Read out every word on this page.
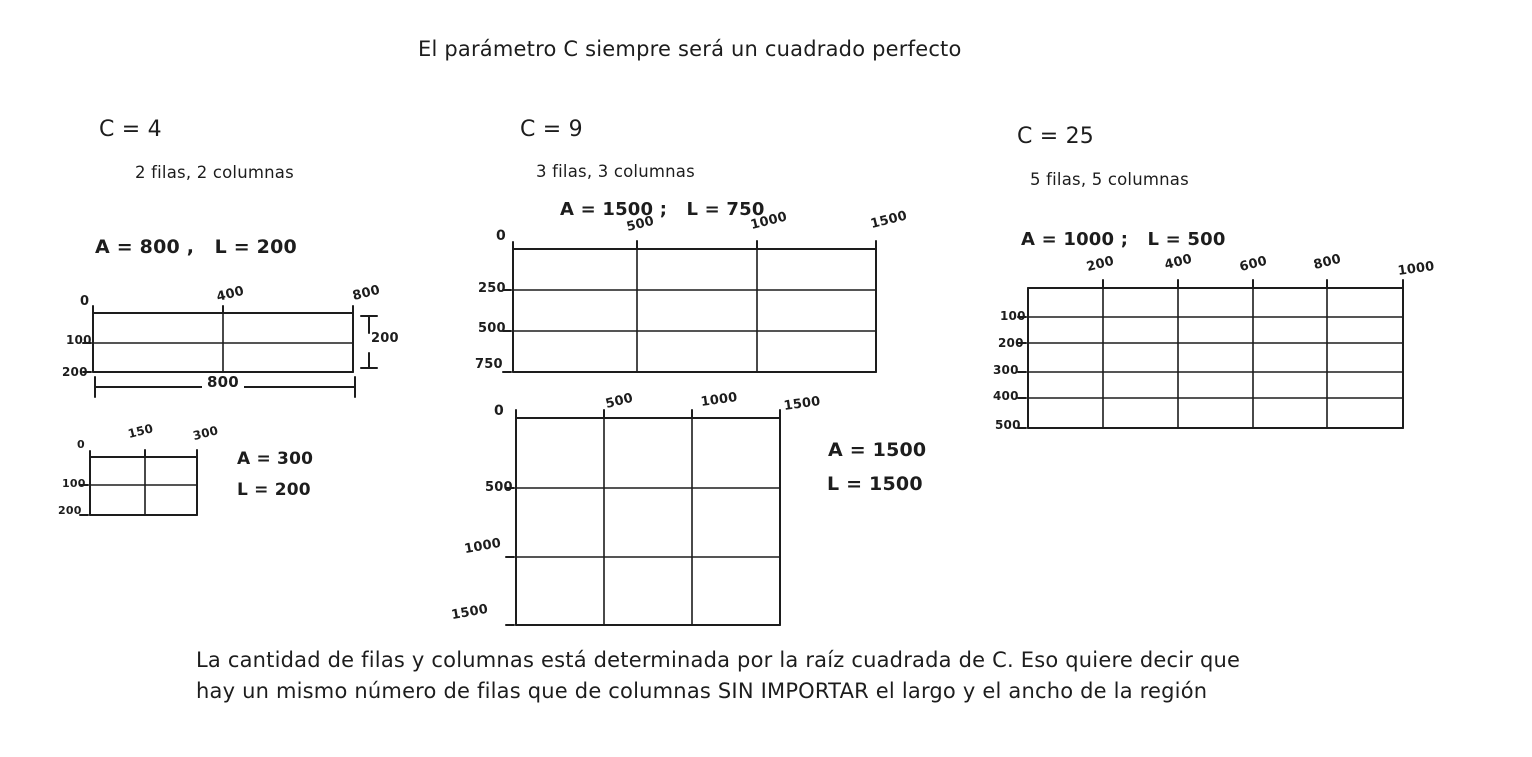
El parámetro C siempre será un cuadrado perfecto
C = 4
2 filas, 2 columnas
A = 800 ,   L = 200
0	400	800
100
200
200
800
0
150	300
100
200
A = 300
L = 200
C = 9
3 filas, 3 columnas
A = 1500 ;   L = 750
0
500	1000	1500
250
500
750
0	500	1000	1500
500
1000
1500
A = 1500
L = 1500
C = 25
5 filas, 5 columnas
A = 1000 ;   L = 500
200	400	600	800	1000
100
200
300
400
500
La cantidad de filas y columnas está determinada por la raíz cuadrada de C. Eso quiere decir que
hay un mismo número de filas que de columnas SIN IMPORTAR el largo y el ancho de la región
